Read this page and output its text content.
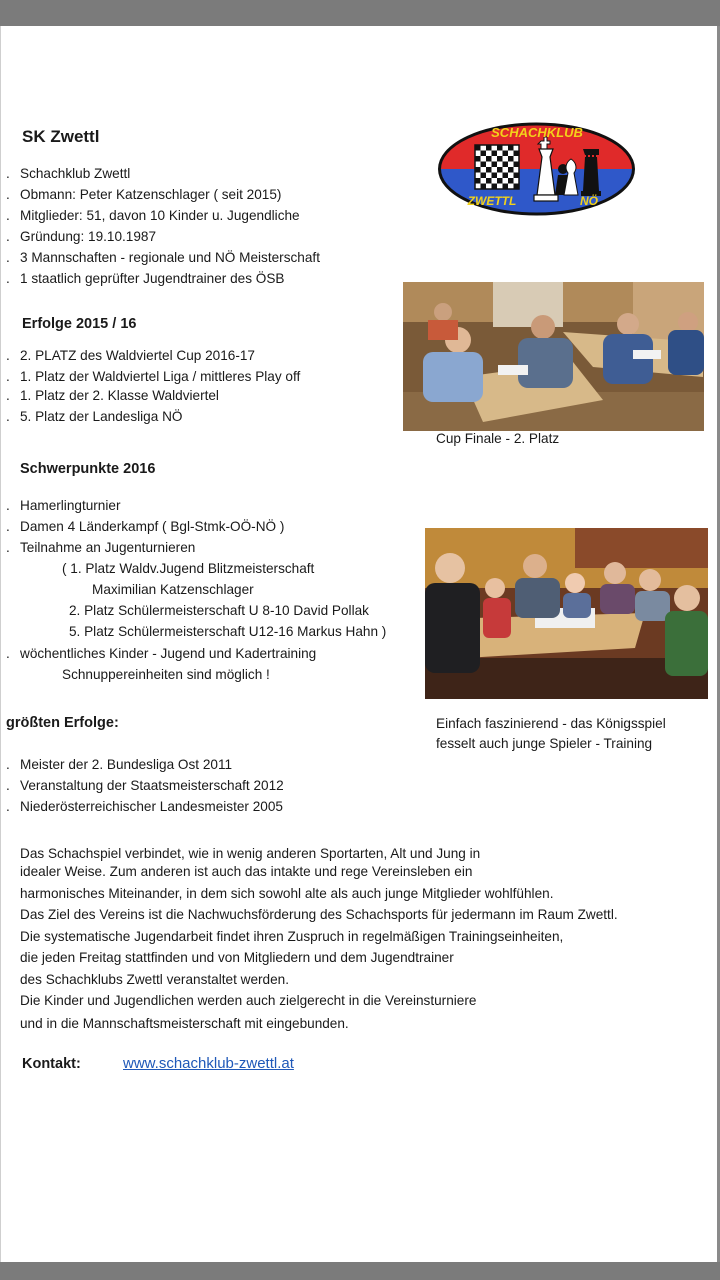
SK Zwettl	SCHACHKLUB
ZWETTL	NÖ
. Schachklub Zwettl
. Obmann: Peter Katzenschlager ( seit 2015)
. Mitglieder: 51, davon 10 Kinder u. Jugendliche
. Gründung: 19.10.1987
. 3 Mannschaften - regionale und NÖ Meisterschaft
. 1 staatlich geprüfter Jugendtrainer des ÖSB
Erfolge 2015 / 16
. 2. PLATZ des Waldviertel Cup 2016-17
. 1. Platz der Waldviertel Liga / mittleres Play off
. 1. Platz der 2. Klasse Waldviertel
. 5. Platz der Landesliga NÖ
Cup Finale - 2. Platz
Schwerpunkte 2016
. Hamerlingturnier
. Damen 4 Länderkampf ( Bgl-Stmk-OÖ-NÖ )
. Teilnahme an Jugenturnieren
( 1. Platz Waldv.Jugend Blitzmeisterschaft
Maximilian Katzenschlager
2. Platz Schülermeisterschaft U 8-10 David Pollak
5. Platz Schülermeisterschaft U12-16 Markus Hahn )
. wöchentliches Kinder - Jugend und Kadertraining
Schnuppereinheiten sind möglich !
Einfach faszinierend - das Königsspiel
fesselt auch junge Spieler - Training
größten Erfolge:
. Meister der 2. Bundesliga Ost 2011
. Veranstaltung der Staatsmeisterschaft 2012
. Niederösterreichischer Landesmeister 2005
Das Schachspiel verbindet, wie in wenig anderen Sportarten, Alt und Jung in
idealer Weise. Zum anderen ist auch das intakte und rege Vereinsleben ein
harmonisches Miteinander, in dem sich sowohl alte als auch junge Mitglieder wohlfühlen.
Das Ziel des Vereins ist die Nachwuchsförderung des Schachsports für jedermann im Raum Zwettl.
Die systematische Jugendarbeit findet ihren Zuspruch in regelmäßigen Trainingseinheiten,
die jeden Freitag stattfinden und von Mitgliedern und dem Jugendtrainer
des Schachklubs Zwettl veranstaltet werden.
Die Kinder und Jugendlichen werden auch zielgerecht in die Vereinsturniere
und in die Mannschaftsmeisterschaft mit eingebunden.
Kontakt:	www.schachklub-zwettl.at
